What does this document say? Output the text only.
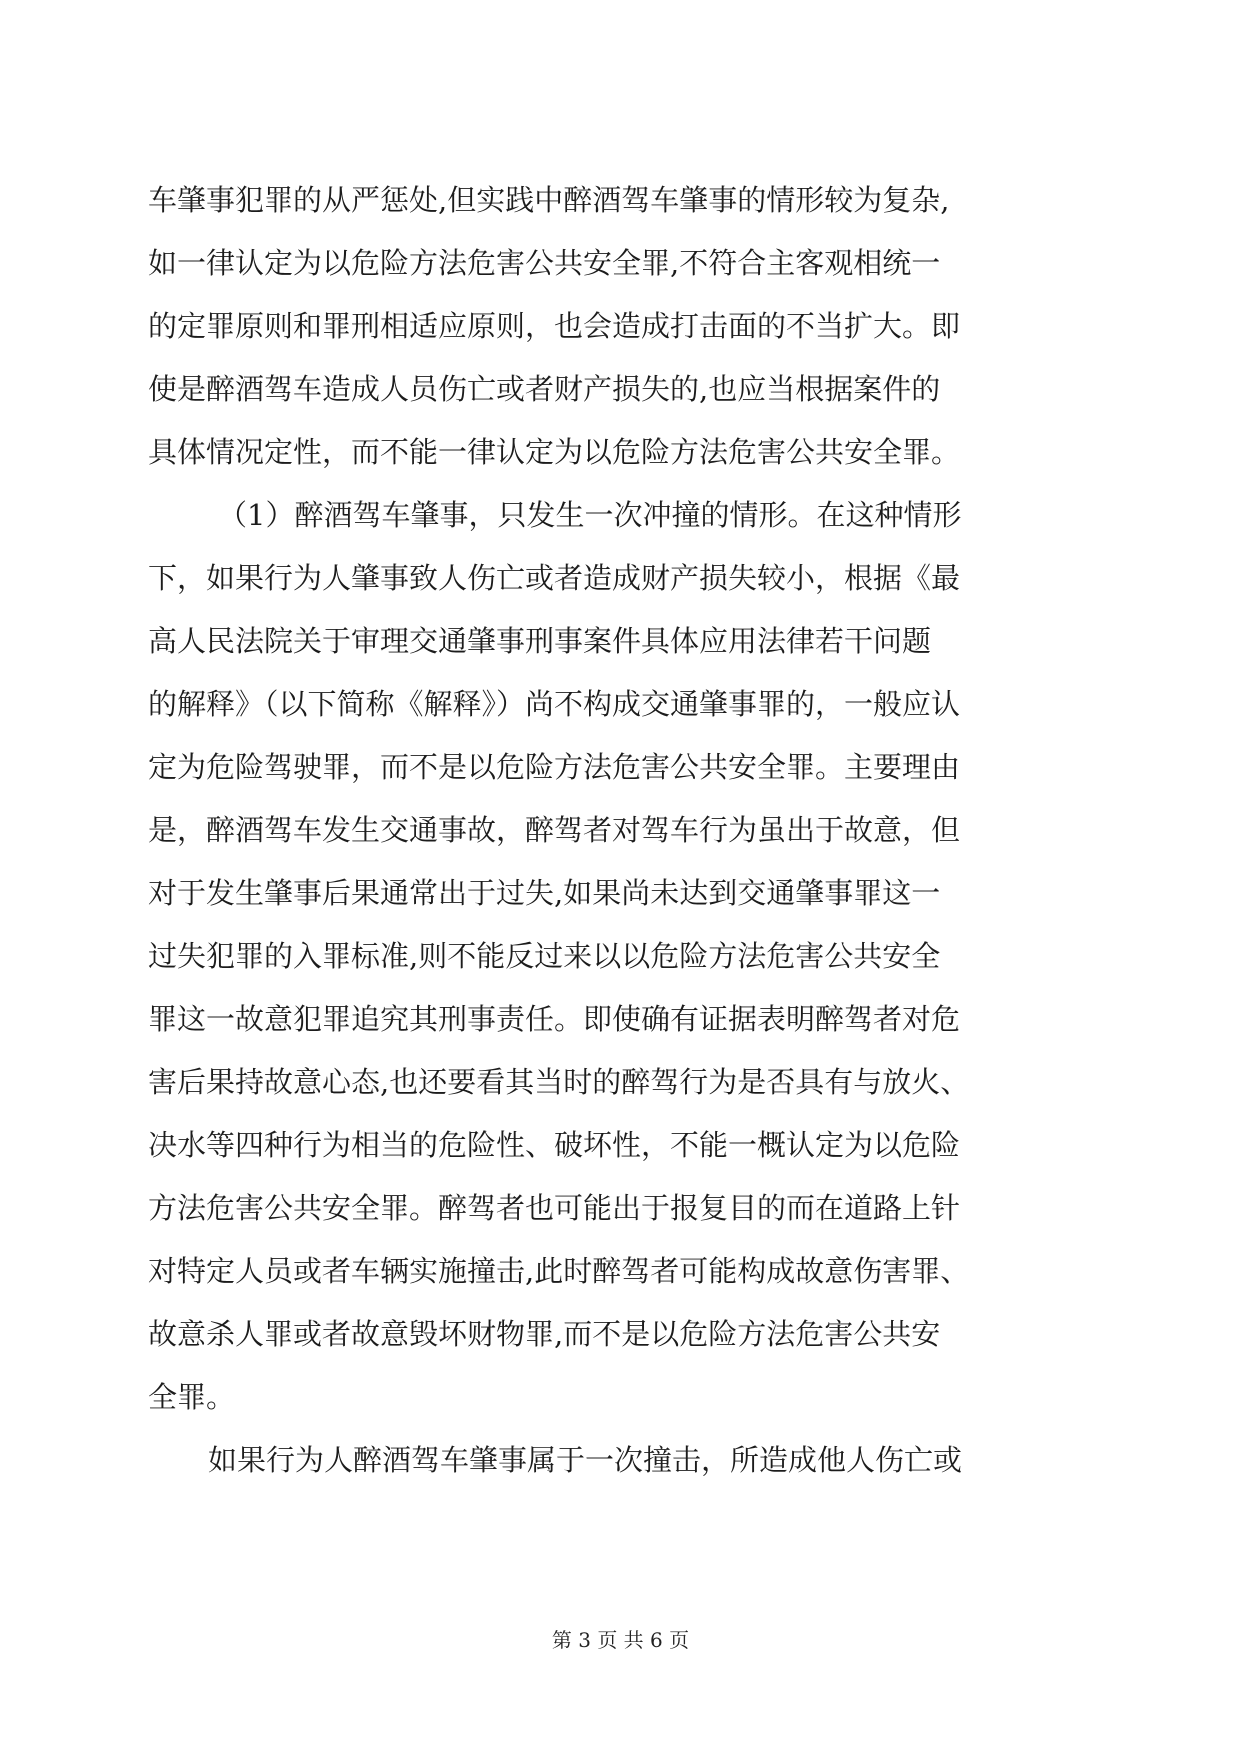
车肇事犯罪的从严惩处,但实践中醉酒驾车肇事的情形较为复杂,
如一律认定为以危险方法危害公共安全罪,不符合主客观相统一
的定罪原则和罪刑相适应原则，也会造成打击面的不当扩大。即
使是醉酒驾车造成人员伤亡或者财产损失的,也应当根据案件的
具体情况定性，而不能一律认定为以危险方法危害公共安全罪。
（1）醉酒驾车肇事，只发生一次冲撞的情形。在这种情形
下，如果行为人肇事致人伤亡或者造成财产损失较小，根据《最
高人民法院关于审理交通肇事刑事案件具体应用法律若干问题
的解释》（以下简称《解释》）尚不构成交通肇事罪的，一般应认
定为危险驾驶罪，而不是以危险方法危害公共安全罪。主要理由
是，醉酒驾车发生交通事故，醉驾者对驾车行为虽出于故意，但
对于发生肇事后果通常出于过失,如果尚未达到交通肇事罪这一
过失犯罪的入罪标准,则不能反过来以以危险方法危害公共安全
罪这一故意犯罪追究其刑事责任。即使确有证据表明醉驾者对危
害后果持故意心态,也还要看其当时的醉驾行为是否具有与放火、
决水等四种行为相当的危险性、破坏性，不能一概认定为以危险
方法危害公共安全罪。醉驾者也可能出于报复目的而在道路上针
对特定人员或者车辆实施撞击,此时醉驾者可能构成故意伤害罪、
故意杀人罪或者故意毁坏财物罪,而不是以危险方法危害公共安
全罪。
如果行为人醉酒驾车肇事属于一次撞击，所造成他人伤亡或
第 3 页 共 6 页
